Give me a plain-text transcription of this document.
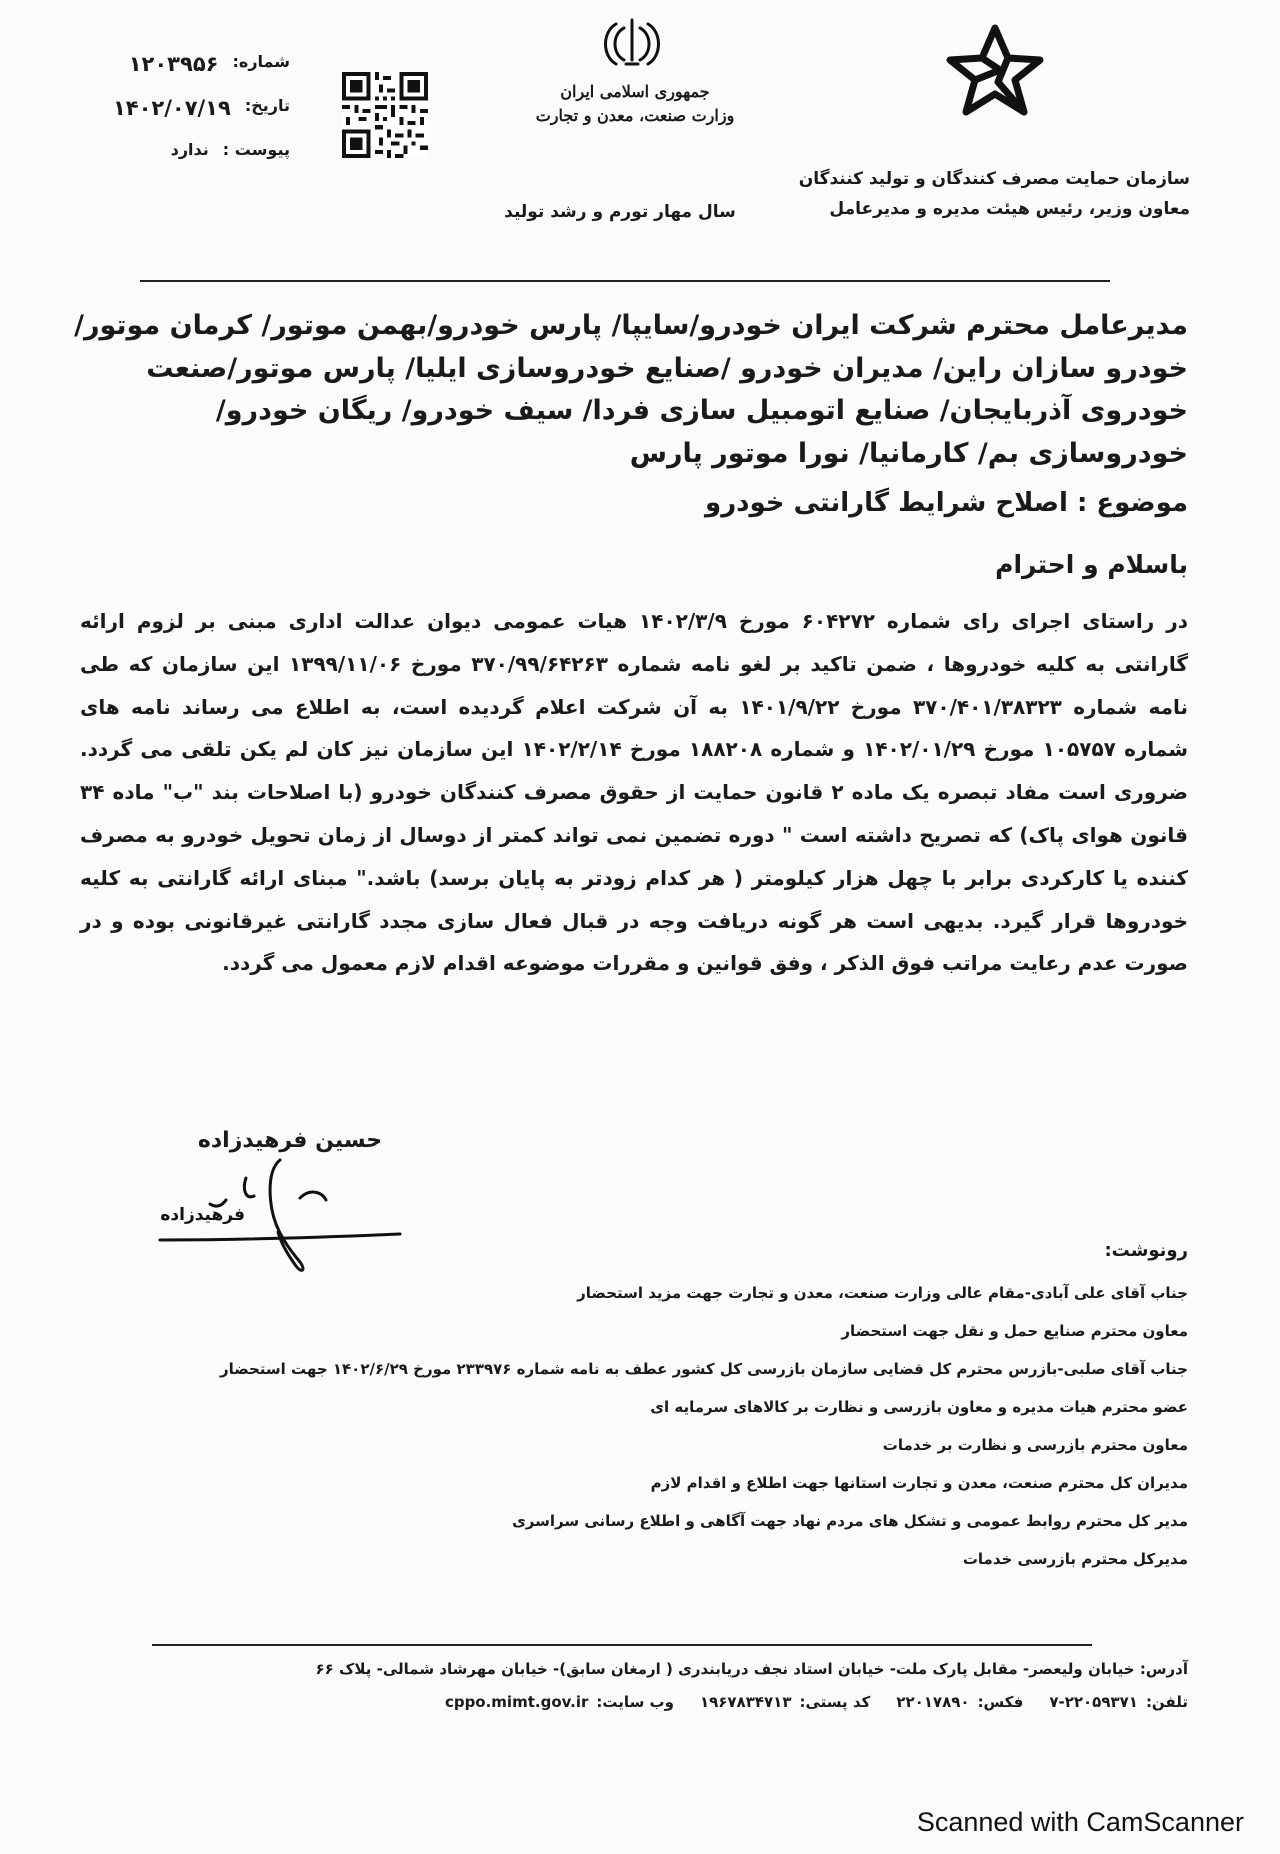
شماره:
۱۲۰۳۹۵۶
تاریخ:
۱۴۰۲/۰۷/۱۹
پیوست :
ندارد
جمهوری اسلامی ایران
وزارت صنعت، معدن و تجارت
سال مهار تورم و رشد تولید
سازمان حمایت مصرف کنندگان و تولید کنندگان
معاون وزیر، رئیس هیئت مدیره و مدیرعامل
مدیرعامل محترم شرکت ایران خودرو/سایپا/ پارس خودرو/بهمن موتور/ کرمان موتور/ خودرو سازان راین/ مدیران خودرو /صنایع خودروسازی ایلیا/ پارس موتور/صنعت خودروی آذربایجان/ صنایع اتومبیل سازی فردا/ سیف خودرو/ ریگان خودرو/ خودروسازی بم/ کارمانیا/ نورا موتور پارس
موضوع : اصلاح شرایط گارانتی خودرو
باسلام و احترام
در راستای اجرای رای شماره ۶۰۴۲۷۲ مورخ ۱۴۰۲/۳/۹ هیات عمومی دیوان عدالت اداری مبنی بر لزوم ارائه گارانتی به کلیه خودروها ، ضمن تاکید بر لغو نامه شماره ۳۷۰/۹۹/۶۴۲۶۳ مورخ ۱۳۹۹/۱۱/۰۶ این سازمان که طی نامه شماره ۳۷۰/۴۰۱/۳۸۳۲۳ مورخ ۱۴۰۱/۹/۲۲ به آن شرکت اعلام گردیده است، به اطلاع می رساند نامه های شماره ۱۰۵۷۵۷ مورخ ۱۴۰۲/۰۱/۲۹ و شماره ۱۸۸۲۰۸ مورخ ۱۴۰۲/۲/۱۴ این سازمان نیز کان لم یکن تلقی می گردد. ضروری است مفاد تبصره یک ماده ۲ قانون حمایت از حقوق مصرف کنندگان خودرو (با اصلاحات بند "ب" ماده ۳۴ قانون هوای پاک) که تصریح داشته است " دوره تضمین نمی تواند کمتر از دوسال از زمان تحویل خودرو به مصرف کننده یا کارکردی برابر با چهل هزار کیلومتر ( هر کدام زودتر به پایان برسد) باشد." مبنای ارائه گارانتی به کلیه خودروها قرار گیرد. بدیهی است هر گونه دریافت وجه در قبال فعال سازی مجدد گارانتی غیرقانونی بوده و در صورت عدم رعایت مراتب فوق الذکر ، وفق قوانین و مقررات موضوعه اقدام لازم معمول می گردد.
حسین فرهیدزاده
فرهیدزاده
رونوشت:
جناب آقای علی آبادی-مقام عالی وزارت صنعت، معدن و تجارت جهت مزید استحضار
معاون محترم صنایع حمل و نقل جهت استحضار
جناب آقای صلبی-بازرس محترم کل قضایی سازمان بازرسی کل کشور عطف به نامه شماره ۲۳۳۹۷۶ مورخ ۱۴۰۲/۶/۲۹ جهت استحضار
عضو محترم هیات مدیره و معاون بازرسی و نظارت بر کالاهای سرمایه ای
معاون محترم بازرسی و نظارت بر خدمات
مدیران کل محترم صنعت، معدن و تجارت استانها جهت اطلاع و اقدام لازم
مدیر کل محترم روابط عمومی و تشکل های مردم نهاد جهت آگاهی و اطلاع رسانی سراسری
مدیرکل محترم بازرسی خدمات
آدرس: خیابان ولیعصر- مقابل پارک ملت- خیابان استاد نجف دریابندری ( ارمغان سابق)- خیابان مهرشاد شمالی- پلاک ۶۶
تلفن:
۷-۲۲۰۵۹۳۷۱
فکس:
۲۲۰۱۷۸۹۰
کد پستی:
۱۹۶۷۸۳۴۷۱۳
وب سایت:
cppo.mimt.gov.ir
Scanned with CamScanner
